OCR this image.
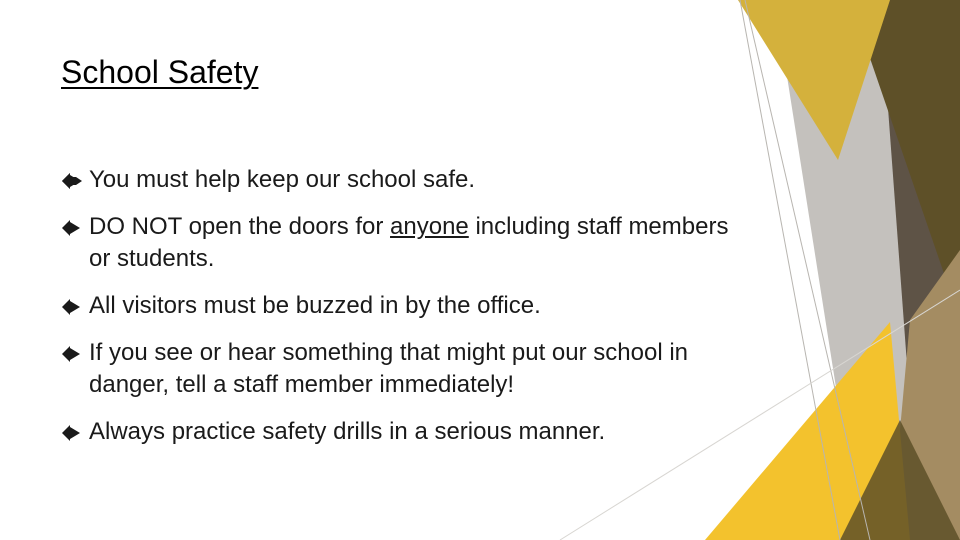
School Safety
You must help keep our school safe.
DO NOT open the doors for anyone including staff members or students.
All visitors must be buzzed in by the office.
If you see or hear something that might put our school in danger, tell a staff member immediately!
Always practice safety drills in a serious manner.
